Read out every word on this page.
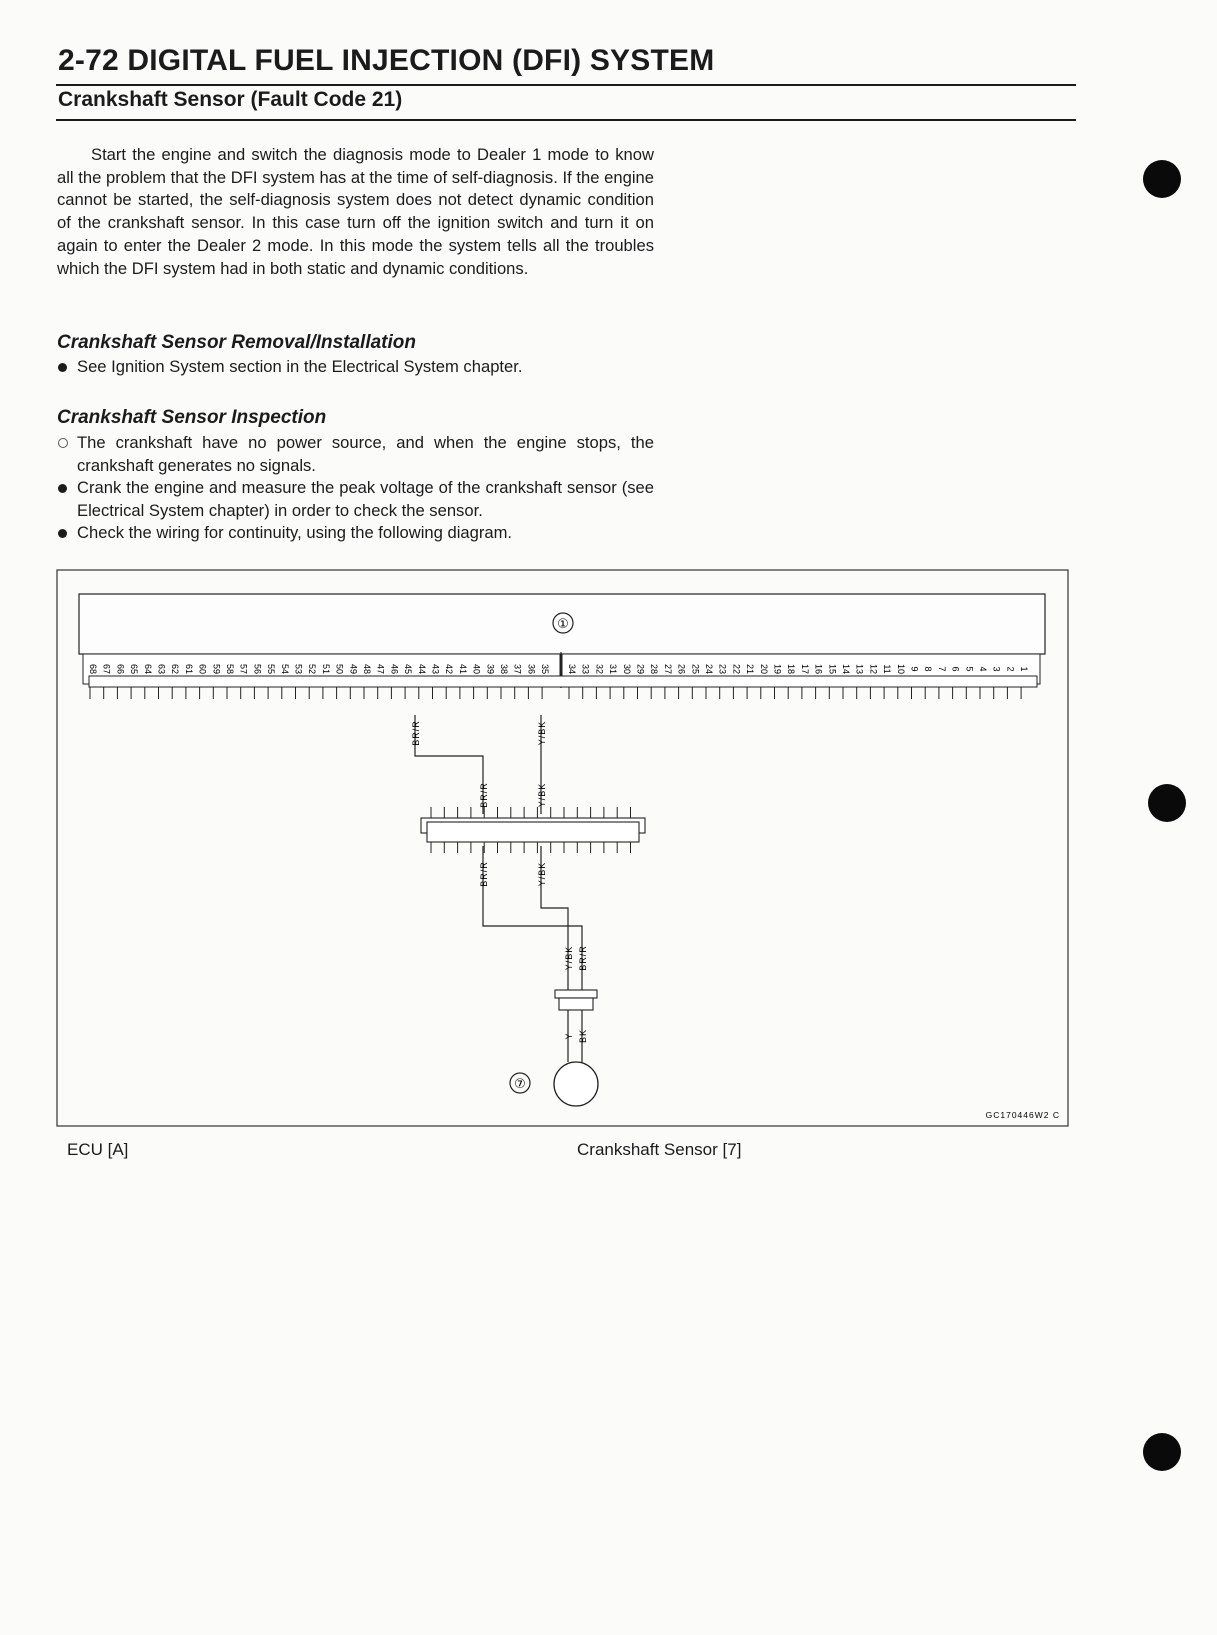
2-72 DIGITAL FUEL INJECTION (DFI) SYSTEM
Crankshaft Sensor (Fault Code 21)

Start the engine and switch the diagnosis mode to Dealer 1 mode to know all the problem that the DFI system has at the time of self-diagnosis. If the engine cannot be started, the self-diagnosis system does not detect dynamic condition of the crankshaft sensor. In this case turn off the ignition switch and turn it on again to enter the Dealer 2 mode. In this mode the system tells all the troubles which the DFI system had in both static and dynamic conditions.

Crankshaft Sensor Removal/Installation
See Ignition System section in the Electrical System chapter.
Crankshaft Sensor Inspection
The crankshaft have no power source, and when the engine stops, the crankshaft generates no signals.
Crank the engine and measure the peak voltage of the crankshaft sensor (see Electrical System chapter) in order to check the sensor.
Check the wiring for continuity, using the following diagram.
①
68 67 66 65 64 63 62 61 60 59 58 57 56 55 54 53 52 51 50 49 48 47 46 45 44 43 42 41 40 39 38 37 36 35 34 33 32 31 30 29 28 27 26 25 24 23 22 21 20 19 18 17 16 15 14 13 12 11 10 9 8 7 6 5 4 3 2 1
BR/R	Y/BK
BR/R	Y/BK
BR/R	Y/BK
Y/BK BR/R
Y BK
⑦
GC170446W2 C

ECU [A]	Crankshaft Sensor [7]
